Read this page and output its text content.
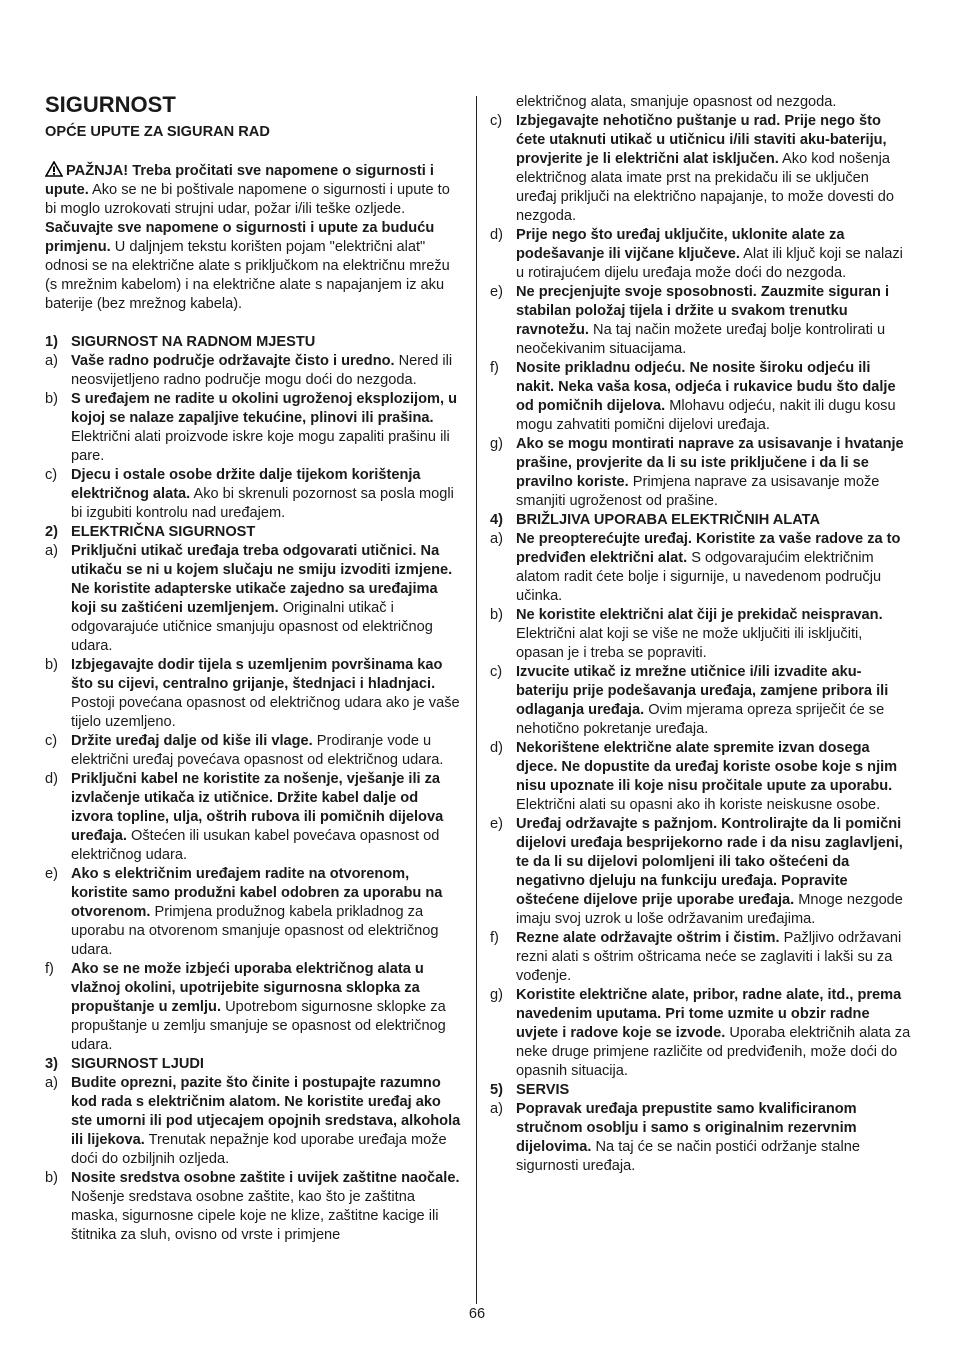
SIGURNOST
OPĆE UPUTE ZA SIGURAN RAD

PAŽNJA! Treba pročitati sve napomene o sigurnosti i upute. Ako se ne bi poštivale napomene o sigurnosti i upute to bi moglo uzrokovati strujni udar, požar i/ili teške ozljede. Sačuvajte sve napomene o sigurnosti i upute za buduću primjenu. U daljnjem tekstu korišten pojam "električni alat" odnosi se na električne alate s priključkom na električnu mrežu (s mrežnim kabelom) i na električne alate s napajanjem iz aku baterije (bez mrežnog kabela).

1) SIGURNOST NA RADNOM MJESTU
a) Vaše radno područje održavajte čisto i uredno. Nered ili neosvijetljeno radno područje mogu doći do nezgoda.
b) S uređajem ne radite u okolini ugroženoj eksplozijom, u kojoj se nalaze zapaljive tekućine, plinovi ili prašina. Električni alati proizvode iskre koje mogu zapaliti prašinu ili pare.
c) Djecu i ostale osobe držite dalje tijekom korištenja električnog alata. Ako bi skrenuli pozornost sa posla mogli bi izgubiti kontrolu nad uređajem.
2) ELEKTRIČNA SIGURNOST
a) Priključni utikač uređaja treba odgovarati utičnici. Na utikaču se ni u kojem slučaju ne smiju izvoditi izmjene. Ne koristite adapterske utikače zajedno sa uređajima koji su zaštićeni uzemljenjem. Originalni utikač i odgovarajuće utičnice smanjuju opasnost od električnog udara.
b) Izbjegavajte dodir tijela s uzemljenim površinama kao što su cijevi, centralno grijanje, štednjaci i hladnjaci. Postoji povećana opasnost od električnog udara ako je vaše tijelo uzemljeno.
c) Držite uređaj dalje od kiše ili vlage. Prodiranje vode u električni uređaj povećava opasnost od električnog udara.
d) Priključni kabel ne koristite za nošenje, vješanje ili za izvlačenje utikača iz utičnice. Držite kabel dalje od izvora topline, ulja, oštrih rubova ili pomičnih dijelova uređaja. Oštećen ili usukan kabel povećava opasnost od električnog udara.
e) Ako s električnim uređajem radite na otvorenom, koristite samo produžni kabel odobren za uporabu na otvorenom. Primjena produžnog kabela prikladnog za uporabu na otvorenom smanjuje opasnost od električnog udara.
f)	Ako se ne može izbjeći uporaba električnog alata u vlažnoj okolini, upotrijebite sigurnosna sklopka za propuštanje u zemlju. Upotrebom sigurnosne sklopke za propuštanje u zemlju smanjuje se opasnost od električnog udara.
3) SIGURNOST LJUDI
a) Budite oprezni, pazite što činite i postupajte razumno kod rada s električnim alatom. Ne koristite uređaj ako ste umorni ili pod utjecajem opojnih sredstava, alkohola ili lijekova. Trenutak nepažnje kod uporabe uređaja može doći do ozbiljnih ozljeda.
b) Nosite sredstva osobne zaštite i uvijek zaštitne naočale. Nošenje sredstava osobne zaštite, kao što je zaštitna maska, sigurnosne cipele koje ne klize, zaštitne kacige ili štitnika za sluh, ovisno od vrste i primjene
električnog alata, smanjuje opasnost od nezgoda.
c) Izbjegavajte nehotično puštanje u rad. Prije nego što ćete utaknuti utikač u utičnicu i/ili staviti aku-bateriju, provjerite je li električni alat isključen. Ako kod nošenja električnog alata imate prst na prekidaču ili se uključen uređaj priključi na električno napajanje, to može dovesti do nezgoda.
d) Prije nego što uređaj uključite, uklonite alate za podešavanje ili vijčane ključeve. Alat ili ključ koji se nalazi u rotirajućem dijelu uređaja može doći do nezgoda.
e) Ne precjenjujte svoje sposobnosti. Zauzmite siguran i stabilan položaj tijela i držite u svakom trenutku ravnotežu. Na taj način možete uređaj bolje kontrolirati u neočekivanim situacijama.
f)	Nosite prikladnu odjeću. Ne nosite široku odjeću ili nakit. Neka vaša kosa, odjeća i rukavice budu što dalje od pomičnih dijelova. Mlohavu odjeću, nakit ili dugu kosu mogu zahvatiti pomični dijelovi uređaja.
g) Ako se mogu montirati naprave za usisavanje i hvatanje prašine, provjerite da li su iste priključene i da li se pravilno koriste. Primjena naprave za usisavanje može smanjiti ugroženost od prašine.
4) BRIŽLJIVA UPORABA ELEKTRIČNIH ALATA
a) Ne preopterećujte uređaj. Koristite za vaše radove za to predviđen električni alat. S odgovarajućim električnim alatom radit ćete bolje i sigurnije, u navedenom području učinka.
b) Ne koristite električni alat čiji je prekidač neispravan. Električni alat koji se više ne može uključiti ili isključiti, opasan je i treba se popraviti.
c) Izvucite utikač iz mrežne utičnice i/ili izvadite aku-bateriju prije podešavanja uređaja, zamjene pribora ili odlaganja uređaja. Ovim mjerama opreza spriječit će se nehotično pokretanje uređaja.
d) Nekorištene električne alate spremite izvan dosega djece. Ne dopustite da uređaj koriste osobe koje s njim nisu upoznate ili koje nisu pročitale upute za uporabu. Električni alati su opasni ako ih koriste neiskusne osobe.
e) Uređaj održavajte s pažnjom. Kontrolirajte da li pomični dijelovi uređaja besprijekorno rade i da nisu zaglavljeni, te da li su dijelovi polomljeni ili tako oštećeni da negativno djeluju na funkciju uređaja. Popravite oštećene dijelove prije uporabe uređaja. Mnoge nezgode imaju svoj uzrok u loše održavanim uređajima.
f)	Rezne alate održavajte oštrim i čistim. Pažljivo održavani rezni alati s oštrim oštricama neće se zaglaviti i lakši su za vođenje.
g) Koristite električne alate, pribor, radne alate, itd., prema navedenim uputama. Pri tome uzmite u obzir radne uvjete i radove koje se izvode. Uporaba električnih alata za neke druge primjene različite od predviđenih, može doći do opasnih situacija.
5) SERVIS
a) Popravak uređaja prepustite samo kvalificiranom stručnom osoblju i samo s originalnim rezervnim dijelovima. Na taj će se način postići održanje stalne sigurnosti uređaja.
66
